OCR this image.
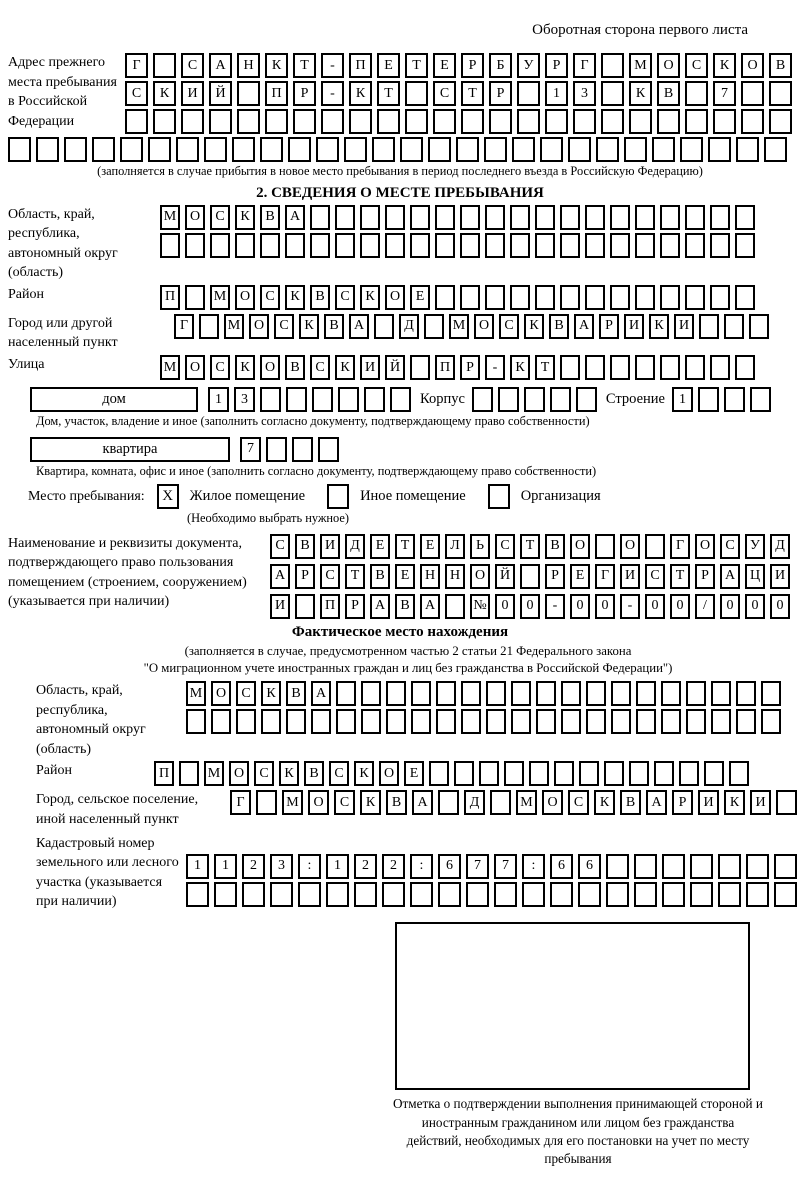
Оборотная сторона первого листа
Адрес прежнего места пребывания в Российской Федерации
Г	С	А	Н	К	Т	-	П	Е	Т	Е	Р	Б	У	Р	Г	М	О	С	К	О	В
С	К	И	Й	П	Р	-	К	Т	С	Т	Р	1	3	К	В	7
(заполняется в случае прибытия в новое место пребывания в период последнего въезда в Российскую Федерацию)
2. СВЕДЕНИЯ О МЕСТЕ ПРЕБЫВАНИЯ
Область, край, республика, автономный округ (область)
М О	С	К	В	А
Район	П	М О	С	К	В	С	К	О	Е
Город или другой населенный пункт
Г	М О	С	К	В	А	Д	М О	С	К	В	А	Р	И	К	И
Улица	М О	С	К	О	В	С	К	И	Й	П	Р	-	К	Т
дом	1	3	Корпус	Строение	1
Дом, участок, владение и иное (заполнить согласно документу, подтверждающему право собственности)
квартира	7
Квартира, комната, офис и иное (заполнить согласно документу, подтверждающему право собственности)
Место пребывания:	X	Жилое помещение	Иное помещение	Организация
(Необходимо выбрать нужное)
Наименование и реквизиты документа, подтверждающего право пользования помещением (строением, сооружением) (указывается при наличии)
С	В	И	Д	Е	Т	Е	Л	Ь	С	Т	В	О	О	Г	О	С	У	Д
А	Р	С	Т	В	Е	Н	Н	О	Й	Р	Е	Г	И	С	Т	Р	А	Ц	И
И	П	Р	А	В	А	№	0	0	-	0	0	-	0	0	/	0	0	0
Фактическое место нахождения
(заполняется в случае, предусмотренном частью 2 статьи 21 Федерального закона
"О миграционном учете иностранных граждан и лиц без гражданства в Российской Федерации")
Область, край, республика, автономный округ (область)
М О	С	К	В	А
Район	П	М О	С	К	В	С	К	О	Е
Город, сельское поселение, иной населенный пункт
Г	М	О	С	К	В	А	Д	М	О	С	К	В	А	Р	И	К	И
Кадастровый номер земельного или лесного участка (указывается при наличии)
1	1	2	3	:	1	2	2	:	6	7	7	:	6	6
Отметка о подтверждении выполнения принимающей стороной и иностранным гражданином или лицом без гражданства действий, необходимых для его постановки на учет по месту пребывания
